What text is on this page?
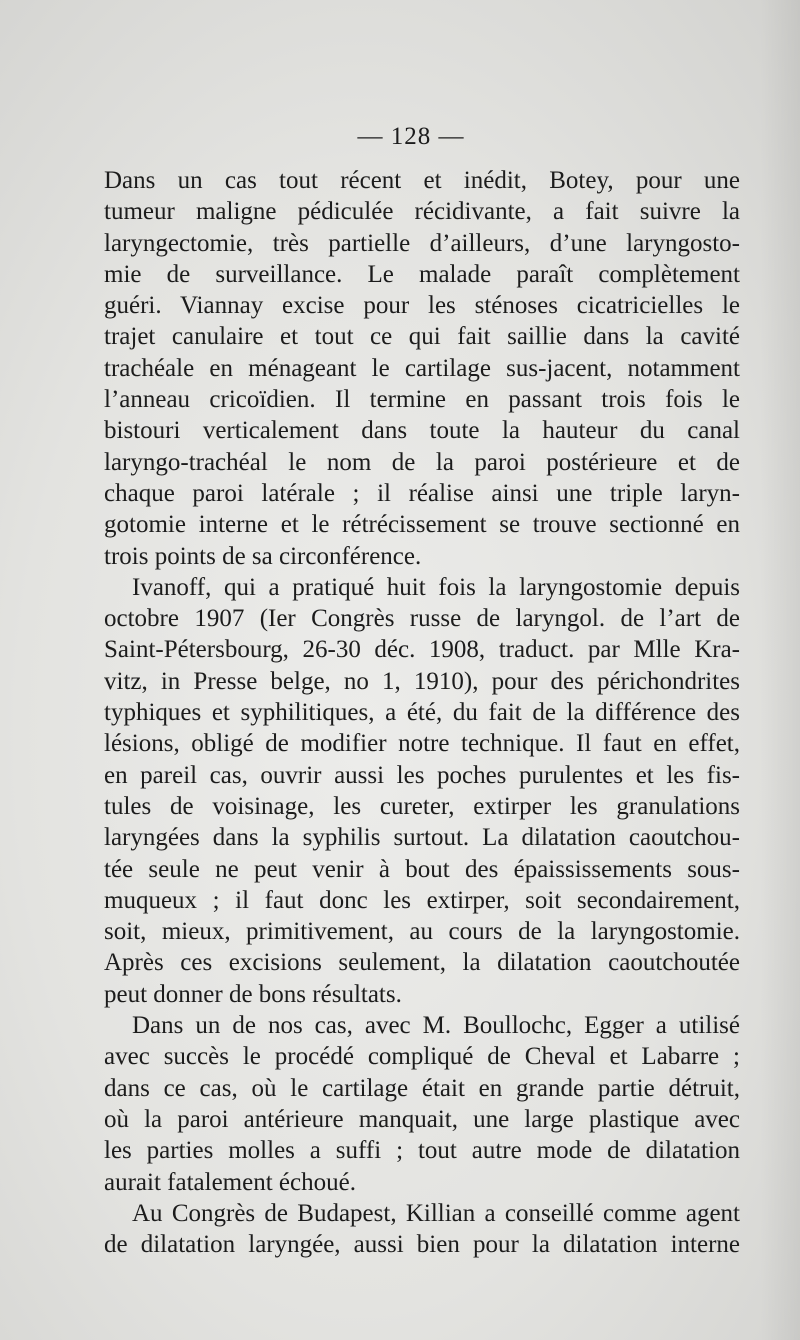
— 128 —
Dans un cas tout récent et inédit, Botey, pour une
tumeur maligne pédiculée récidivante, a fait suivre la
laryngectomie, très partielle d’ailleurs, d’une laryngosto-
mie de surveillance. Le malade paraît complètement
guéri. Viannay excise pour les sténoses cicatricielles le
trajet canulaire et tout ce qui fait saillie dans la cavité
trachéale en ménageant le cartilage sus-jacent, notamment
l’anneau cricoïdien. Il termine en passant trois fois le
bistouri verticalement dans toute la hauteur du canal
laryngo-trachéal le nom de la paroi postérieure et de
chaque paroi latérale ; il réalise ainsi une triple laryn-
gotomie interne et le rétrécissement se trouve sectionné en
trois points de sa circonférence.
Ivanoff, qui a pratiqué huit fois la laryngostomie depuis
octobre 1907 (Ier Congrès russe de laryngol. de l’art de
Saint-Pétersbourg, 26-30 déc. 1908, traduct. par Mlle Kra-
vitz, in Presse belge, no 1, 1910), pour des périchondrites
typhiques et syphilitiques, a été, du fait de la différence des
lésions, obligé de modifier notre technique. Il faut en effet,
en pareil cas, ouvrir aussi les poches purulentes et les fis-
tules de voisinage, les cureter, extirper les granulations
laryngées dans la syphilis surtout. La dilatation caoutchou-
tée seule ne peut venir à bout des épaississements sous-
muqueux ; il faut donc les extirper, soit secondairement,
soit, mieux, primitivement, au cours de la laryngostomie.
Après ces excisions seulement, la dilatation caoutchoutée
peut donner de bons résultats.
Dans un de nos cas, avec M. Boullochc, Egger a utilisé
avec succès le procédé compliqué de Cheval et Labarre ;
dans ce cas, où le cartilage était en grande partie détruit,
où la paroi antérieure manquait, une large plastique avec
les parties molles a suffi ; tout autre mode de dilatation
aurait fatalement échoué.
Au Congrès de Budapest, Killian a conseillé comme agent
de dilatation laryngée, aussi bien pour la dilatation interne
